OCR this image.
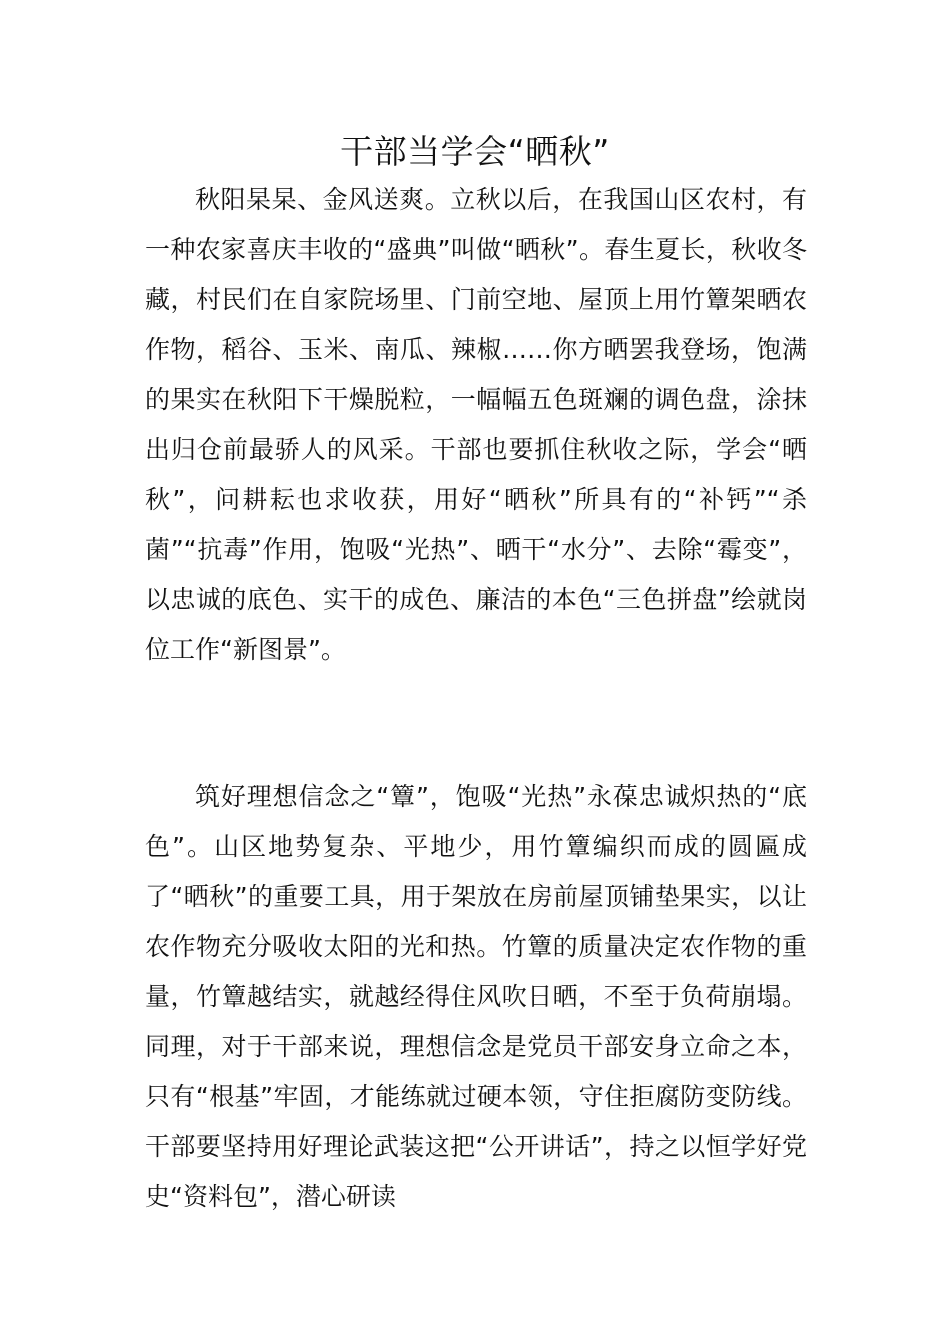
干部当学会“晒秋”

秋阳杲杲、金风送爽。立秋以后，在我国山区农村，有一种农家喜庆丰收的“盛典”叫做“晒秋”。春生夏长，秋收冬藏，村民们在自家院场里、门前空地、屋顶上用竹簟架晒农作物，稻谷、玉米、南瓜、辣椒……你方晒罢我登场，饱满的果实在秋阳下干燥脱粒，一幅幅五色斑斓的调色盘，涂抹出归仓前最骄人的风采。干部也要抓住秋收之际，学会“晒秋”，问耕耘也求收获，用好“晒秋”所具有的“补钙”“杀菌”“抗毒”作用，饱吸“光热”、晒干“水分”、去除“霉变”，以忠诚的底色、实干的成色、廉洁的本色“三色拼盘”绘就岗位工作“新图景”。

筑好理想信念之“簟”，饱吸“光热”永葆忠诚炽热的“底色”。山区地势复杂、平地少，用竹簟编织而成的圆匾成了“晒秋”的重要工具，用于架放在房前屋顶铺垫果实，以让农作物充分吸收太阳的光和热。竹簟的质量决定农作物的重量，竹簟越结实，就越经得住风吹日晒，不至于负荷崩塌。同理，对于干部来说，理想信念是党员干部安身立命之本，只有“根基”牢固，才能练就过硬本领，守住拒腐防变防线。干部要坚持用好理论武装这把“公开讲话”，持之以恒学好党史“资料包”，潜心研读
